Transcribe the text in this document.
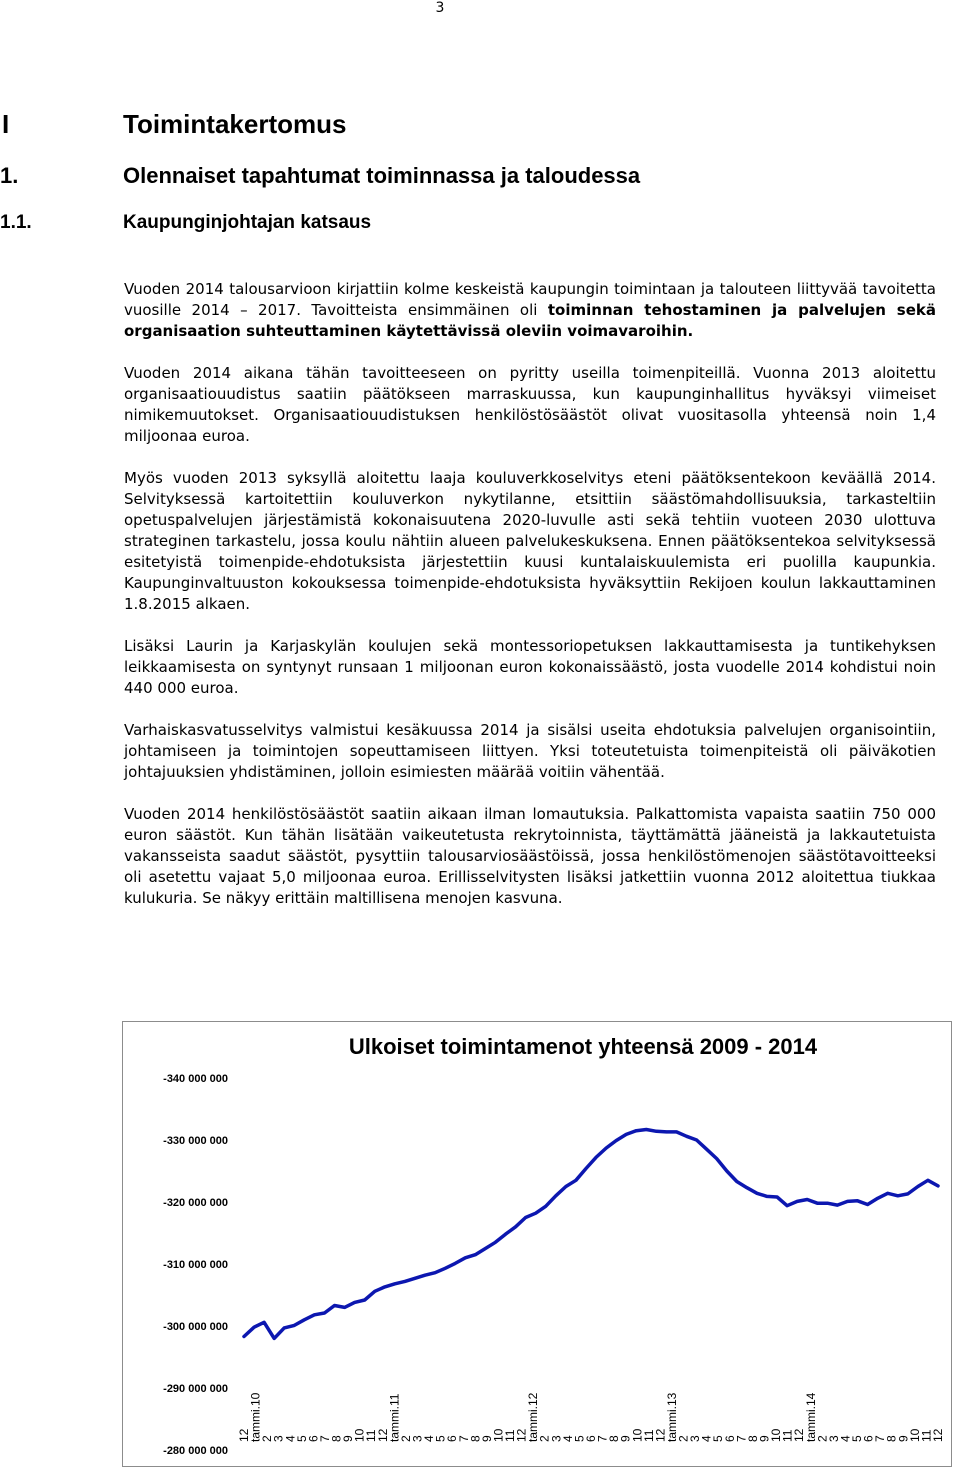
3
I	Toimintakertomus
1.	Olennaiset tapahtumat toiminnassa ja taloudessa
1.1.	Kaupunginjohtajan katsaus

Vuoden 2014 talousarvioon kirjattiin kolme keskeistä kaupungin toimintaan ja talouteen liittyvää tavoitetta vuosille 2014 – 2017. Tavoitteista ensimmäinen oli toiminnan tehostaminen ja palvelujen sekä organisaation suhteuttaminen käytettävissä oleviin voimavaroihin.

Vuoden 2014 aikana tähän tavoitteeseen on pyritty useilla toimenpiteillä. Vuonna 2013 aloitettu organisaatiouudistus saatiin päätökseen marraskuussa, kun kaupunginhallitus hyväksyi viimeiset nimikemuutokset. Organisaatiouudistuksen henkilöstösäästöt olivat vuositasolla yhteensä noin 1,4 miljoonaa euroa.

Myös vuoden 2013 syksyllä aloitettu laaja kouluverkkoselvitys eteni päätöksentekoon keväällä 2014. Selvityksessä kartoitettiin kouluverkon nykytilanne, etsittiin säästömahdollisuuksia, tarkasteltiin opetuspalvelujen järjestämistä kokonaisuutena 2020-luvulle asti sekä tehtiin vuoteen 2030 ulottuva strateginen tarkastelu, jossa koulu nähtiin alueen palvelukeskuksena. Ennen päätöksentekoa selvityksessä esitetyistä toimenpide-ehdotuksista järjestettiin kuusi kuntalaiskuulemista eri puolilla kaupunkia. Kaupunginvaltuuston kokouksessa toimenpide-ehdotuksista hyväksyttiin Rekijoen koulun lakkauttaminen 1.8.2015 alkaen.

Lisäksi Laurin ja Karjaskylän koulujen sekä montessoriopetuksen lakkauttamisesta ja tuntikehyksen leikkaamisesta on syntynyt runsaan 1 miljoonan euron kokonaissäästö, josta vuodelle 2014 kohdistui noin 440 000 euroa.

Varhaiskasvatusselvitys valmistui kesäkuussa 2014 ja sisälsi useita ehdotuksia palvelujen organisointiin, johtamiseen ja toimintojen sopeuttamiseen liittyen. Yksi toteutetuista toimenpiteistä oli päiväkotien johtajuuksien yhdistäminen, jolloin esimiesten määrää voitiin vähentää.

Vuoden 2014 henkilöstösäästöt saatiin aikaan ilman lomautuksia. Palkattomista vapaista saatiin 750 000 euron säästöt. Kun tähän lisätään vaikeutetusta rekrytoinnista, täyttämättä jääneistä ja lakkautetuista vakansseista saadut säästöt, pysyttiin talousarviosäästöissä, jossa henkilöstömenojen säästötavoitteeksi oli asetettu vajaat 5,0 miljoonaa euroa. Erillisselvitysten lisäksi jatkettiin vuonna 2012 aloitettua tiukkaa kulukuria. Se näkyy erittäin maltillisena menojen kasvuna.

Ulkoiset toimintamenot yhteensä 2009 - 2014
-340 000 000
-330 000 000
-320 000 000
-310 000 000
-300 000 000
-290 000 000
-280 000 000
12
tammi.10
2
3
4
5
6
7
8
9
10
11
12
tammi.11
2
3
4
5
6
7
8
9
10
11
12
tammi.12
2
3
4
5
6
7
8
9
10
11
12
tammi.13
2
3
4
5
6
7
8
9
10
11
12
tammi.14
2
3
4
5
6
7
8
9
10
11
12
